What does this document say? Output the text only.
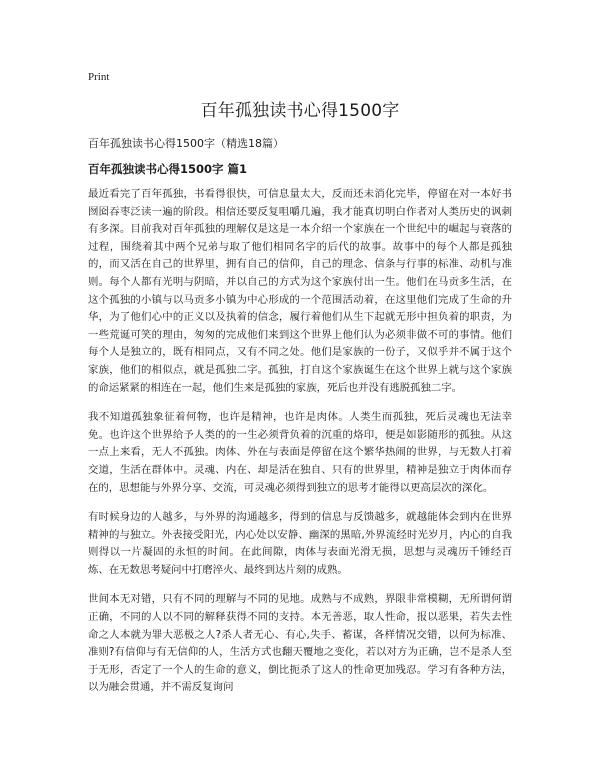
Print
百年孤独读书心得1500字
百年孤独读书心得1500字（精选18篇）
百年孤独读书心得1500字 篇1

最近看完了百年孤独，书看得很快，可信息量太大，反而还未消化完毕，停留在对一本好书囫囵吞枣泛读一遍的阶段。相信还要反复咀嚼几遍，我才能真切明白作者对人类历史的讽刺有多深。目前我对百年孤独的理解仅是这是一本介绍一个家族在一个世纪中的崛起与衰落的过程，围绕着其中两个兄弟与取了他们相同名字的后代的故事。故事中的每个人都是孤独的，而又活在自己的世界里，拥有自己的信仰，自己的理念、信条与行事的标准、动机与准则。每个人都有光明与阴暗，并以自己的方式为这个家族付出一生。他们在马贡多生活，在这个孤独的小镇与以马贡多小镇为中心形成的一个范围活动着，在这里他们完成了生命的升华，为了他们心中的正义以及执着的信念，履行着他们从生下起就无形中担负着的职责，为一些荒诞可笑的理由，匆匆的完成他们来到这个世界上他们认为必须非做不可的事情。他们每个人是独立的，既有相同点，又有不同之处。他们是家族的一份子，又似乎并不属于这个家族，他们的相似点，就是孤独二字。孤独，打自这个家族诞生在这个世界上就与这个家族的命运紧紧的相连在一起，他们生来是孤独的家族，死后也并没有逃脱孤独二字。

我不知道孤独象征着何物，也许是精神，也许是肉体。人类生而孤独，死后灵魂也无法幸免。也许这个世界给予人类的的一生必须背负着的沉重的烙印，便是如影随形的孤独。从这一点上来看，无人不孤独。肉体、外在与表面是停留在这个繁华热闹的世界，与无数人打着交道，生活在群体中。灵魂、内在、却是活在独自、只有的世界里，精神是独立于肉体而存在的，思想能与外界分享、交流，可灵魂必须得到独立的思考才能得以更高层次的深化。

有时候身边的人越多，与外界的沟通越多，得到的信息与反馈越多，就越能体会到内在世界精神的与独立。外表接受阳光，内心处以安静、幽深的黑暗,外界流经时光岁月，内心的自我则得以一片凝固的永恒的时间。在此间隙，肉体与表面光滑无损，思想与灵魂历千锤经百炼、在无数思考疑问中打磨淬火、最终到达片刻的成熟。

世间本无对错，只有不同的理解与不同的见地。成熟与不成熟，界限非常模糊，无所谓何谓正确，不同的人以不同的解释获得不同的支持。本无善恶，取人性命，报以恶果，若失去性命之人本就为罪大恶极之人?杀人者无心、有心,失手、蓄谋，各样情况交错，以何为标准、准则?有信仰与有无信仰的人，生活方式也翻天覆地之变化，若以对方为正确，岂不是杀人至于无形，否定了一个人的生命的意义，倒比扼杀了这人的性命更加残忍。学习有各种方法，以为融会贯通，并不需反复询问
